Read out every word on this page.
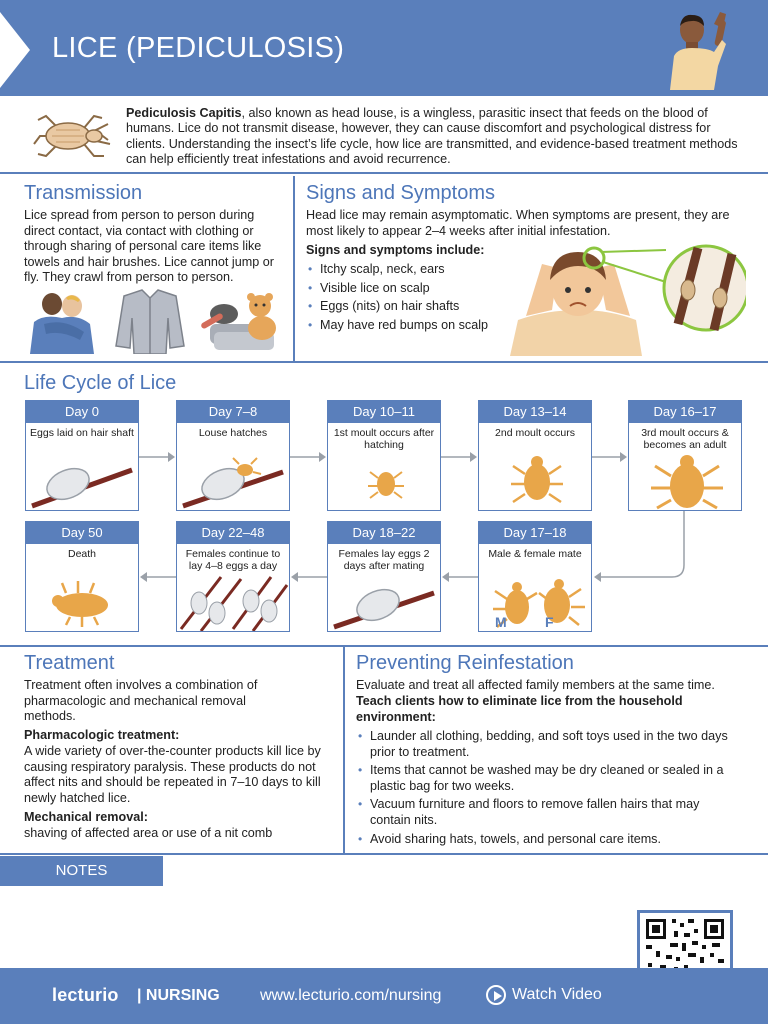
LICE (PEDICULOSIS)
Pediculosis Capitis, also known as head louse, is a wingless, parasitic insect that feeds on the blood of humans. Lice do not transmit disease, however, they can cause discomfort and psychological distress for clients. Understanding the insect’s life cycle, how lice are transmitted, and evidence-based treatment methods can help efficiently treat infestations and avoid recurrence.
Transmission
Lice spread from person to person during direct contact, via contact with clothing or through sharing of personal care items like towels and hair brushes. Lice cannot jump or fly. They crawl from person to person.
Signs and Symptoms
Head lice may remain asymptomatic. When symptoms are present, they are most likely to appear 2–4 weeks after initial infestation.
Signs and symptoms include:
• Itchy scalp, neck, ears
• Visible lice on scalp
• Eggs (nits) on hair shafts
• May have red bumps on scalp
Life Cycle of Lice
Day 0
Eggs laid on hair shaft
Day 7–8
Louse hatches
Day 10–11
1st moult occurs after hatching
Day 13–14
2nd moult occurs
Day 16–17
3rd moult occurs & becomes an adult
Day 17–18
Male & female mate
M	F
Day 18–22
Females lay eggs 2 days after mating
Day 22–48
Females continue to lay 4–8 eggs a day
Day 50
Death
Treatment
Treatment often involves a combination of pharmacologic and mechanical removal methods.
Pharmacologic treatment:
A wide variety of over-the-counter products kill lice by causing respiratory paralysis. These products do not affect nits and should be repeated in 7–10 days to kill newly hatched lice.
Mechanical removal:
shaving of affected area or use of a nit comb
Preventing Reinfestation
Evaluate and treat all affected family members at the same time.
Teach clients how to eliminate lice from the household environment:
• Launder all clothing, bedding, and soft toys used in the two days prior to treatment.
• Items that cannot be washed may be dry cleaned or sealed in a plastic bag for two weeks.
• Vacuum furniture and floors to remove fallen hairs that may contain nits.
• Avoid sharing hats, towels, and personal care items.
NOTES
lecturio | NURSING	www.lecturio.com/nursing	Watch Video
